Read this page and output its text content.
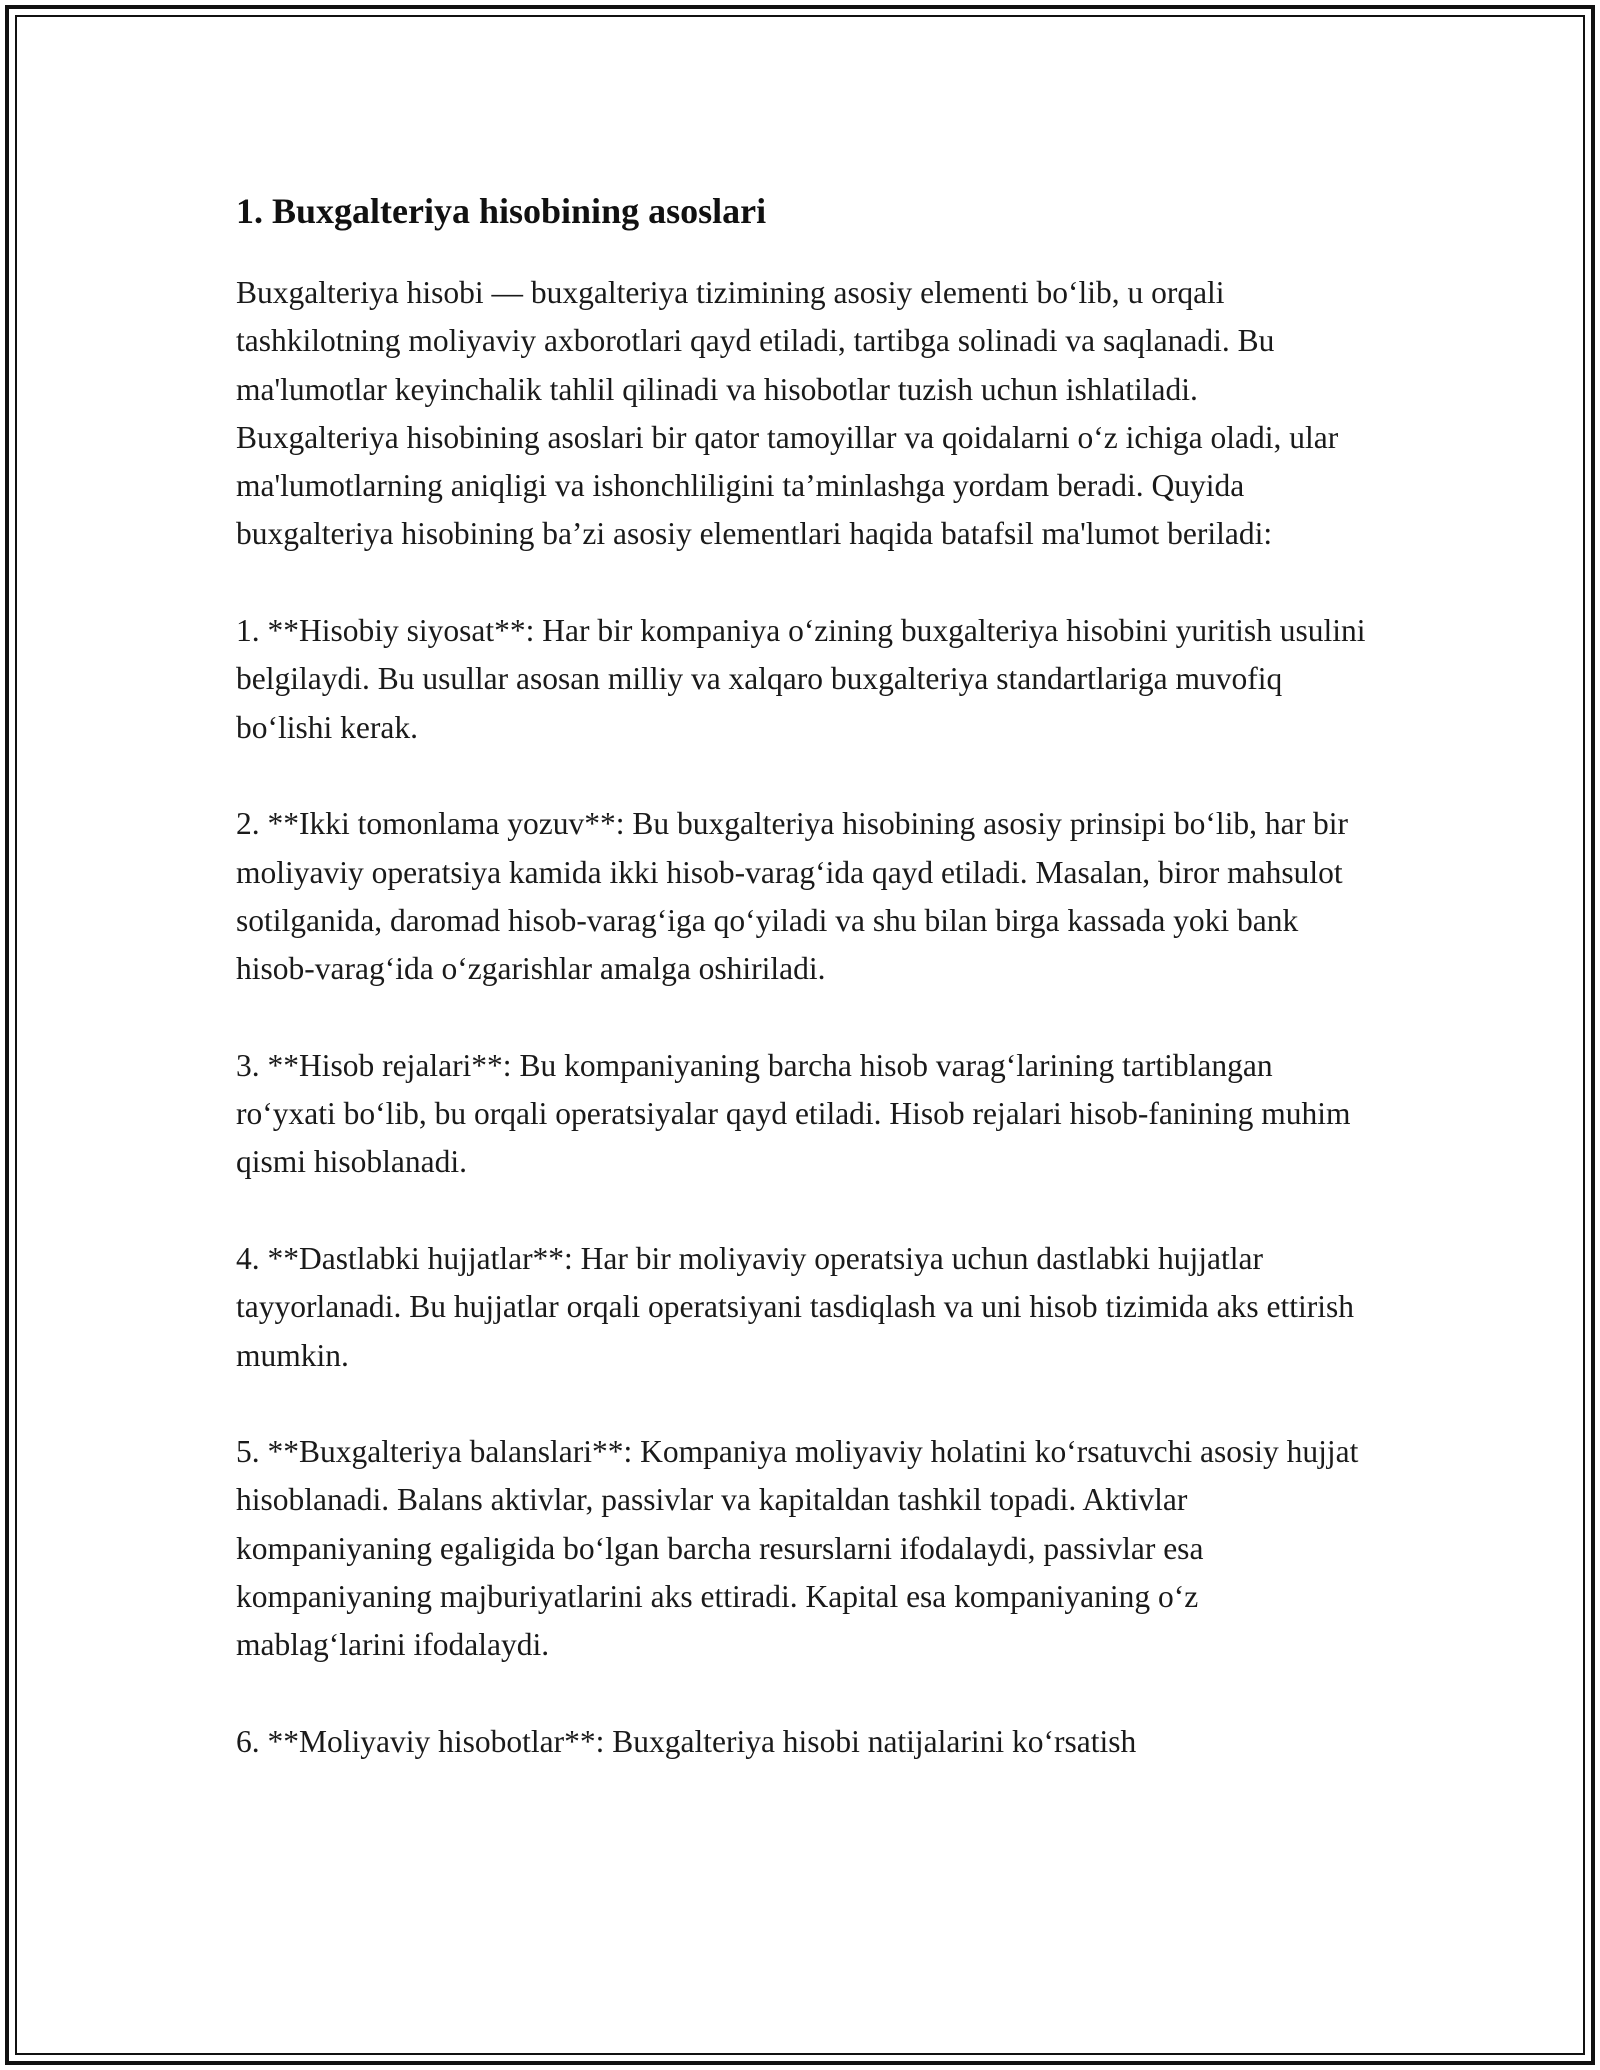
1. Buxgalteriya hisobining asoslari

Buxgalteriya hisobi — buxgalteriya tizimining asosiy elementi bo‘lib, u orqali tashkilotning moliyaviy axborotlari qayd etiladi, tartibga solinadi va saqlanadi. Bu ma'lumotlar keyinchalik tahlil qilinadi va hisobotlar tuzish uchun ishlatiladi. Buxgalteriya hisobining asoslari bir qator tamoyillar va qoidalarni o‘z ichiga oladi, ular ma'lumotlarning aniqligi va ishonchliligini ta’minlashga yordam beradi. Quyida buxgalteriya hisobining ba’zi asosiy elementlari haqida batafsil ma'lumot beriladi:

1. **Hisobiy siyosat**: Har bir kompaniya o‘zining buxgalteriya hisobini yuritish usulini belgilaydi. Bu usullar asosan milliy va xalqaro buxgalteriya standartlariga muvofiq bo‘lishi kerak.

2. **Ikki tomonlama yozuv**: Bu buxgalteriya hisobining asosiy prinsipi bo‘lib, har bir moliyaviy operatsiya kamida ikki hisob-varag‘ida qayd etiladi. Masalan, biror mahsulot sotilganida, daromad hisob-varag‘iga qo‘yiladi va shu bilan birga kassada yoki bank hisob-varag‘ida o‘zgarishlar amalga oshiriladi.

3. **Hisob rejalari**: Bu kompaniyaning barcha hisob varag‘larining tartiblangan ro‘yxati bo‘lib, bu orqali operatsiyalar qayd etiladi. Hisob rejalari hisob-fanining muhim qismi hisoblanadi.

4. **Dastlabki hujjatlar**: Har bir moliyaviy operatsiya uchun dastlabki hujjatlar tayyorlanadi. Bu hujjatlar orqali operatsiyani tasdiqlash va uni hisob tizimida aks ettirish mumkin.

5. **Buxgalteriya balanslari**: Kompaniya moliyaviy holatini ko‘rsatuvchi asosiy hujjat hisoblanadi. Balans aktivlar, passivlar va kapitaldan tashkil topadi. Aktivlar kompaniyaning egaligida bo‘lgan barcha resurslarni ifodalaydi, passivlar esa kompaniyaning majburiyatlarini aks ettiradi. Kapital esa kompaniyaning o‘z mablag‘larini ifodalaydi.

6. **Moliyaviy hisobotlar**: Buxgalteriya hisobi natijalarini ko‘rsatish
